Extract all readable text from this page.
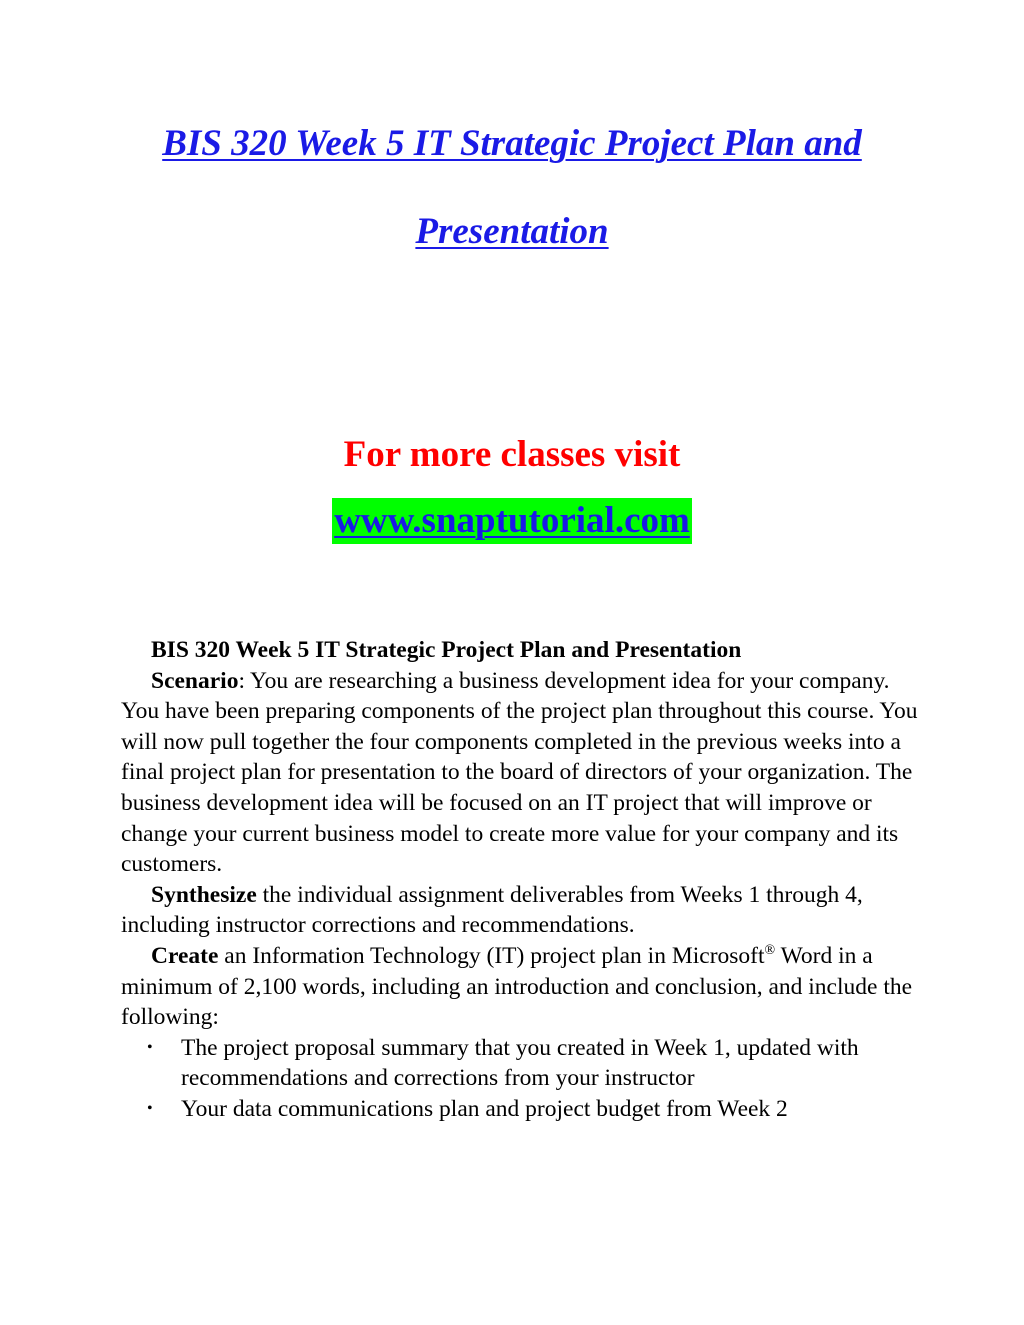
BIS 320 Week 5 IT Strategic Project Plan and
Presentation
For more classes visit
www.snaptutorial.com

BIS 320 Week 5 IT Strategic Project Plan and Presentation

Scenario: You are researching a business development idea for your company. You have been preparing components of the project plan throughout this course. You will now pull together the four components completed in the previous weeks into a final project plan for presentation to the board of directors of your organization. The business development idea will be focused on an IT project that will improve or change your current business model to create more value for your company and its customers.

Synthesize the individual assignment deliverables from Weeks 1 through 4, including instructor corrections and recommendations.

Create an Information Technology (IT) project plan in Microsoft® Word in a minimum of 2,100 words, including an introduction and conclusion, and include the following:

• The project proposal summary that you created in Week 1, updated with recommendations and corrections from your instructor
• Your data communications plan and project budget from Week 2
